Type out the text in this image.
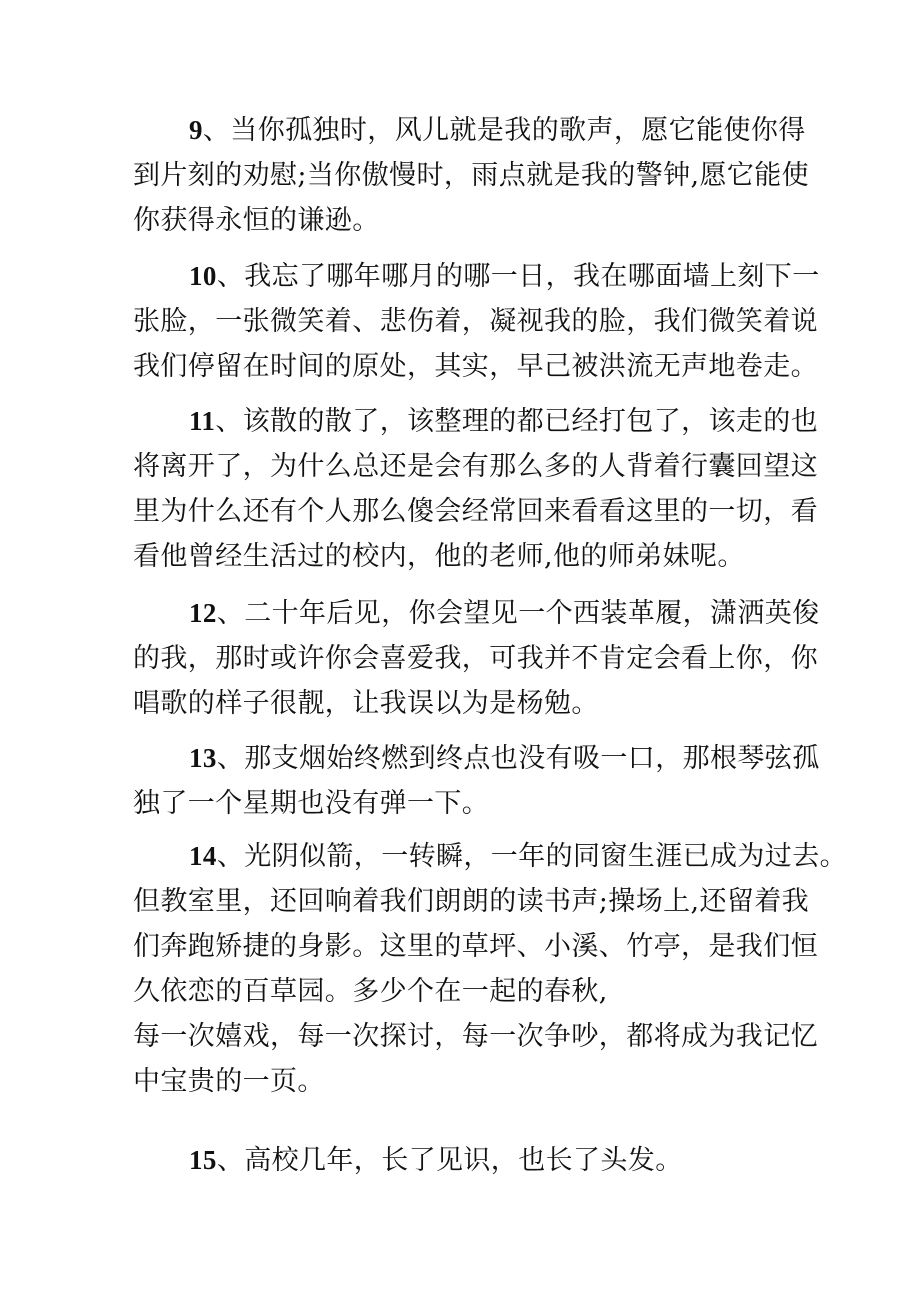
9、当你孤独时，风儿就是我的歌声，愿它能使你得
到片刻的劝慰;当你傲慢时，雨点就是我的警钟,愿它能使
你获得永恒的谦逊。
10、我忘了哪年哪月的哪一日，我在哪面墙上刻下一
张脸，一张微笑着、悲伤着，凝视我的脸，我们微笑着说
我们停留在时间的原处，其实，早己被洪流无声地卷走。
11、该散的散了，该整理的都已经打包了，该走的也
将离开了，为什么总还是会有那么多的人背着行囊回望这
里为什么还有个人那么傻会经常回来看看这里的一切，看
看他曾经生活过的校内，他的老师,他的师弟妹呢。
12、二十年后见，你会望见一个西装革履，潇洒英俊
的我，那时或许你会喜爱我，可我并不肯定会看上你，你
唱歌的样子很靓，让我误以为是杨勉。
13、那支烟始终燃到终点也没有吸一口，那根琴弦孤
独了一个星期也没有弹一下。
14、光阴似箭，一转瞬，一年的同窗生涯已成为过去。
但教室里，还回响着我们朗朗的读书声;操场上,还留着我
们奔跑矫捷的身影。这里的草坪、小溪、竹亭，是我们恒
久依恋的百草园。多少个在一起的春秋,
每一次嬉戏，每一次探讨，每一次争吵，都将成为我记忆
中宝贵的一页。
15、高校几年，长了见识，也长了头发。
